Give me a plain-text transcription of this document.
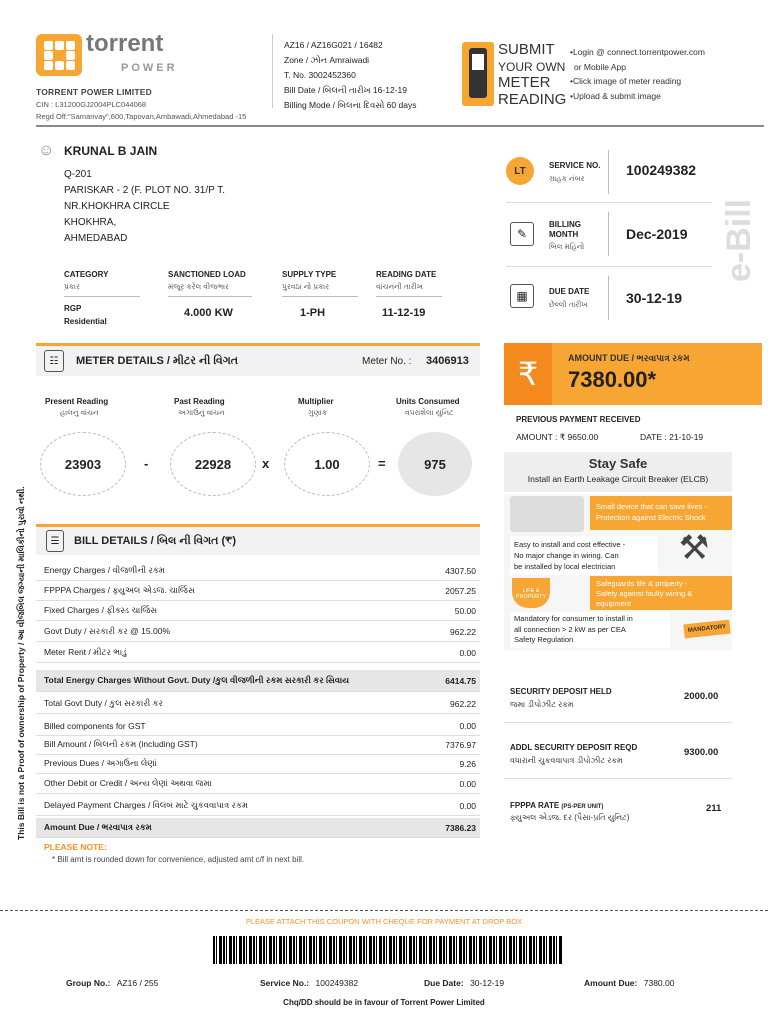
torrent
POWER
TORRENT POWER LIMITED
CIN : L31200GJ2004PLC044068
Regd Off:"Samanvay",600,Tapovan,Ambawadi,Ahmedabad -15
AZ16 / AZ16G021 / 16482
Zone / ઝોન Amraiwadi
T. No. 3002452360
Bill Date / બિલની તારીખ 16-12-19
Billing Mode / બિલના દિવસો 60 days
SUBMIT
YOUR OWN
METER
READING
•Login @ connect.torrentpower.com
or Mobile App
•Click image of meter reading
•Upload & submit image
☺ KRUNAL B JAIN
Q-201
PARISKAR - 2 (F. PLOT NO. 31/P T.
NR.KHOKHRA CIRCLE
KHOKHRA,
AHMEDABAD
CATEGORY
પ્રકાર
RGP
Residential
SANCTIONED LOAD
મંજૂર કરેલ વીજભાર
4.000 KW
SUPPLY TYPE
પુરવઠા નો પ્રકાર
1-PH
READING DATE
વાંચનની તારીખ
11-12-19
e-Bill
LT	SERVICE NO.
ગ્રાહક નંબર
100249382
✎
BILLING
MONTH
બિલ મહિનો
Dec-2019
▦	DUE DATE
છેલ્લી તારીખ	30-12-19
☷	METER DETAILS / મીટર ની વિગત	Meter No. : 3406913
Present Reading
હાલનું વાંચન
Past Reading
અગાઉનું વાંચન
Multiplier
ગુણાંક
Units Consumed
વપરાશેલા યુનિટ
23903	-	22928	x	1.00	=	975
₹	AMOUNT DUE / ભરવાપાત્ર રકમ
7380.00*
PREVIOUS PAYMENT RECEIVED
AMOUNT : ₹ 9650.00	DATE : 21-10-19
Stay Safe
Install an Earth Leakage Circuit Breaker (ELCB)
Small device that can save lives -
Protection against Electric Shock
Easy to install and cost effective -
No major change in wiring. Can
be installed by local electrician	⚒
LIFE & PROPERTY
Safeguards life & property -
Safety against faulty wiring &
equipment
Mandatory for consumer to install in
all connection > 2 kW as per CEA
Safety Regulation
MANDATORY
☰	BILL DETAILS / બિલ ની વિગત (₹)
Energy Charges / વીજળીની રકમ	4307.50
FPPPA Charges / ફ્યુઅલ એડજ. ચાર્જિસ	2057.25
Fixed Charges / ફીક્સ્ડ ચાર્જિસ	50.00
Govt Duty / સરકારી કર @ 15.00%	962.22
Meter Rent / મીટર ભાડું	0.00
Total Energy Charges Without Govt. Duty /કુલ વીજળીની રકમ સરકારી કર સિવાય	6414.75
Total Govt Duty / કુલ સરકારી કર	962.22
Billed components for GST	0.00
Bill Amount / બિલની રકમ (including GST)	7376.97
Previous Dues / અગાઉના લેણાં	9.26
Other Debit or Credit / અન્ય લેણાં અથવા જમા	0.00
Delayed Payment Charges / વિલંબ માટે ચુકવવાપાત્ર રકમ	0.00
Amount Due / ભરવાપાત્ર રકમ	7386.23
PLEASE NOTE:
* Bill amt is rounded down for convenience, adjusted amt c/f in next bill.
This Bill is not a Proof of ownership of Property / આ વીજબિલ જગ્યાની માલિકીનો પુરાવો નથી.	SECURITY DEPOSIT HELD
જમા ડીપોઝીટ રકમ
2000.00
ADDL SECURITY DEPOSIT REQD
વધારાની ચુકવવાપાત્ર ડીપોઝીટ રકમ
9300.00
FPPPA RATE (PS-PER UNIT)
ફ્યુઅલ એડજ. દર (પૈસા-પ્રતિ યુનિટ)
211
PLEASE ATTACH THIS COUPON WITH CHEQUE FOR PAYMENT AT DROP BOX
Group No.: AZ16 / 255	Service No.: 100249382	Due Date: 30-12-19	Amount Due: 7380.00
Chq/DD should be in favour of Torrent Power Limited
